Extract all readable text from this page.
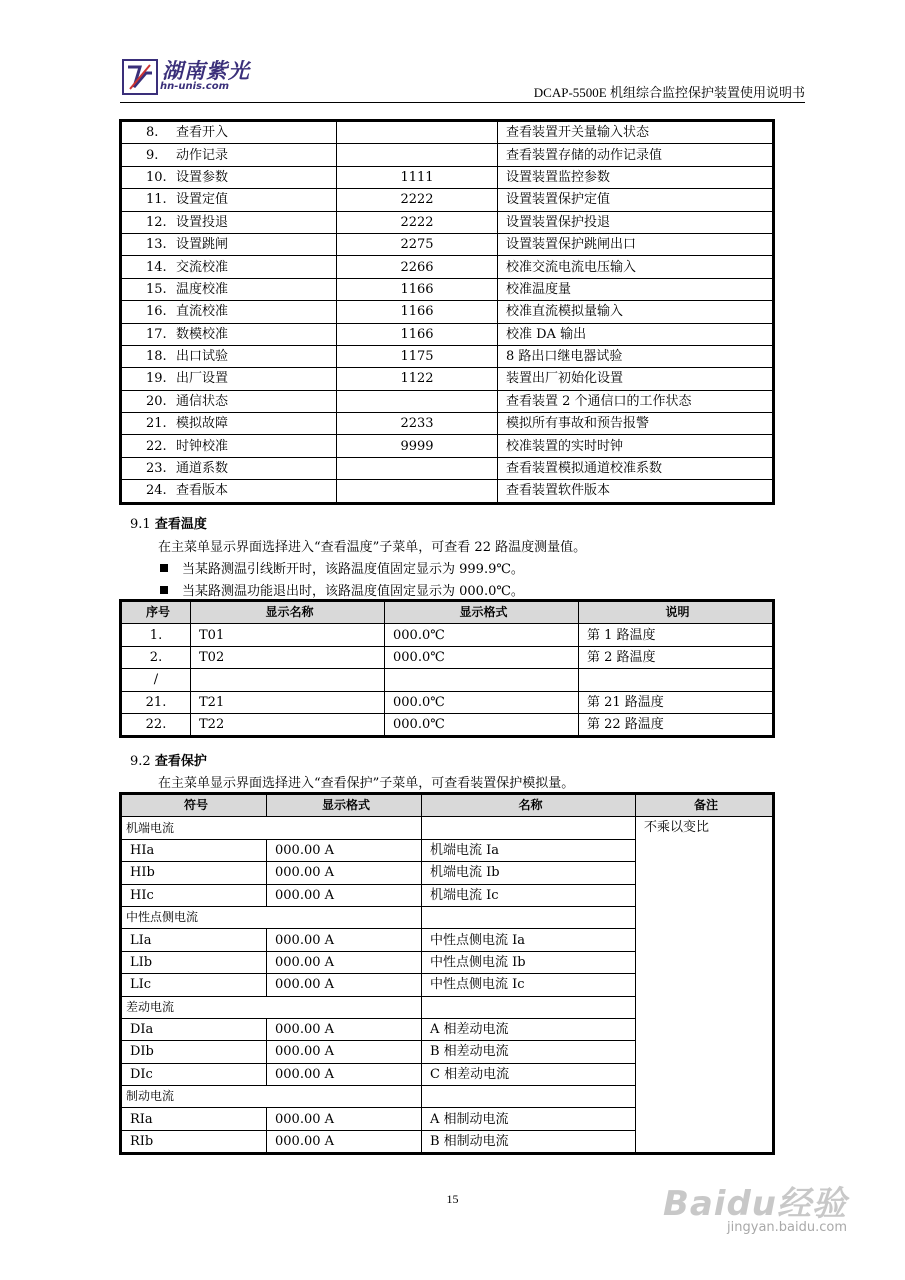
湖南紫光
hn-unis.com	DCAP-5500E 机组综合监控保护装置使用说明书
8. 查看开入		查看装置开关量输入状态
9. 动作记录		查看装置存储的动作记录值
10. 设置参数	1111	设置装置监控参数
11. 设置定值	2222	设置装置保护定值
12. 设置投退	2222	设置装置保护投退
13. 设置跳闸	2275	设置装置保护跳闸出口
14. 交流校准	2266	校准交流电流电压输入
15. 温度校准	1166	校准温度量
16. 直流校准	1166	校准直流模拟量输入
17. 数模校准	1166	校准 DA 输出
18. 出口试验	1175	8 路出口继电器试验
19. 出厂设置	1122	装置出厂初始化设置
20. 通信状态		查看装置 2 个通信口的工作状态
21. 模拟故障	2233	模拟所有事故和预告报警
22. 时钟校准	9999	校准装置的实时时钟
23. 通道系数		查看装置模拟通道校准系数
24. 查看版本		查看装置软件版本
9.1 查看温度
在主菜单显示界面选择进入“查看温度”子菜单，可查看 22 路温度测量值。
当某路测温引线断开时，该路温度值固定显示为 999.9℃。
当某路测温功能退出时，该路温度值固定显示为 000.0℃。
序号	显示名称	显示格式	说明
1.	T01	000.0℃	第 1 路温度
2.	T02	000.0℃	第 2 路温度
/			
21.	T21	000.0℃	第 21 路温度
22.	T22	000.0℃	第 22 路温度
9.2 查看保护
在主菜单显示界面选择进入“查看保护”子菜单，可查看装置保护模拟量。
符号	显示格式	名称	备注
机端电流			不乘以变比
HIa	000.00 A	机端电流 Ia	
HIb	000.00 A	机端电流 Ib	
HIc	000.00 A	机端电流 Ic	
中性点侧电流			
LIa	000.00 A	中性点侧电流 Ia	
LIb	000.00 A	中性点侧电流 Ib	
LIc	000.00 A	中性点侧电流 Ic	
差动电流			
DIa	000.00 A	A 相差动电流	
DIb	000.00 A	B 相差动电流	
DIc	000.00 A	C 相差动电流	
制动电流			
RIa	000.00 A	A 相制动电流	
RIb	000.00 A	B 相制动电流	
15	Baidu经验
jingyan.baidu.com
